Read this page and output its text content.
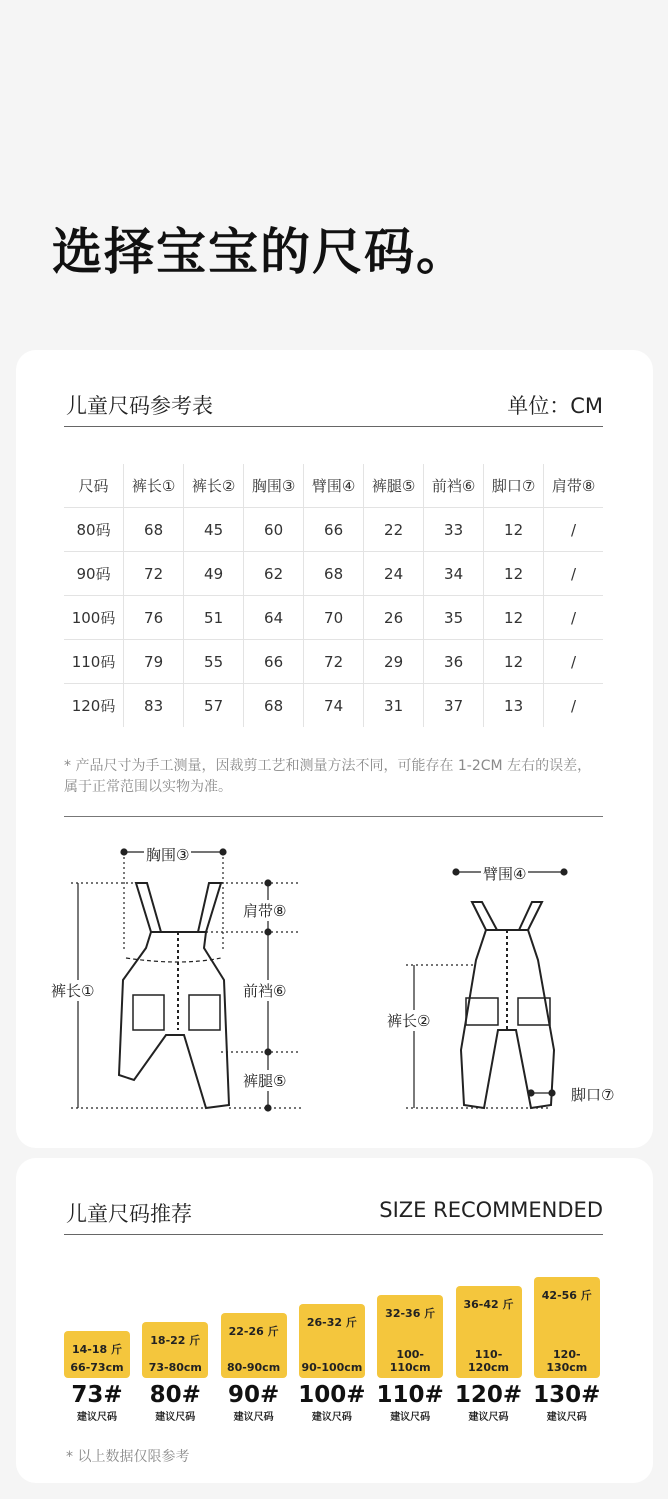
选择宝宝的尺码。
儿童尺码参考表	单位：CM
尺码	裤长①	裤长②	胸围③	臂围④	裤腿⑤	前裆⑥	脚口⑦	肩带⑧
80码	68	45	60	66	22	33	12	/
90码	72	49	62	68	24	34	12	/
100码	76	51	64	70	26	35	12	/
110码	79	55	66	72	29	36	12	/
120码	83	57	68	74	31	37	13	/
* 产品尺寸为手工测量，因裁剪工艺和测量方法不同，可能存在 1-2CM 左右的误差，属于正常范围以实物为准。
胸围③
肩带⑧
裤长①	前裆⑥
裤腿⑤
臂围④
裤长②
脚口⑦
儿童尺码推荐	SIZE RECOMMENDED
14-18 斤
66-73cm
18-22 斤
73-80cm
22-26 斤
80-90cm
26-32 斤
90-100cm
32-36 斤
100-110cm
36-42 斤
110-120cm
42-56 斤
120-130cm
73#
建议尺码
80#
建议尺码
90#
建议尺码
100#
建议尺码
110#
建议尺码
120#
建议尺码
130#
建议尺码
* 以上数据仅限参考
